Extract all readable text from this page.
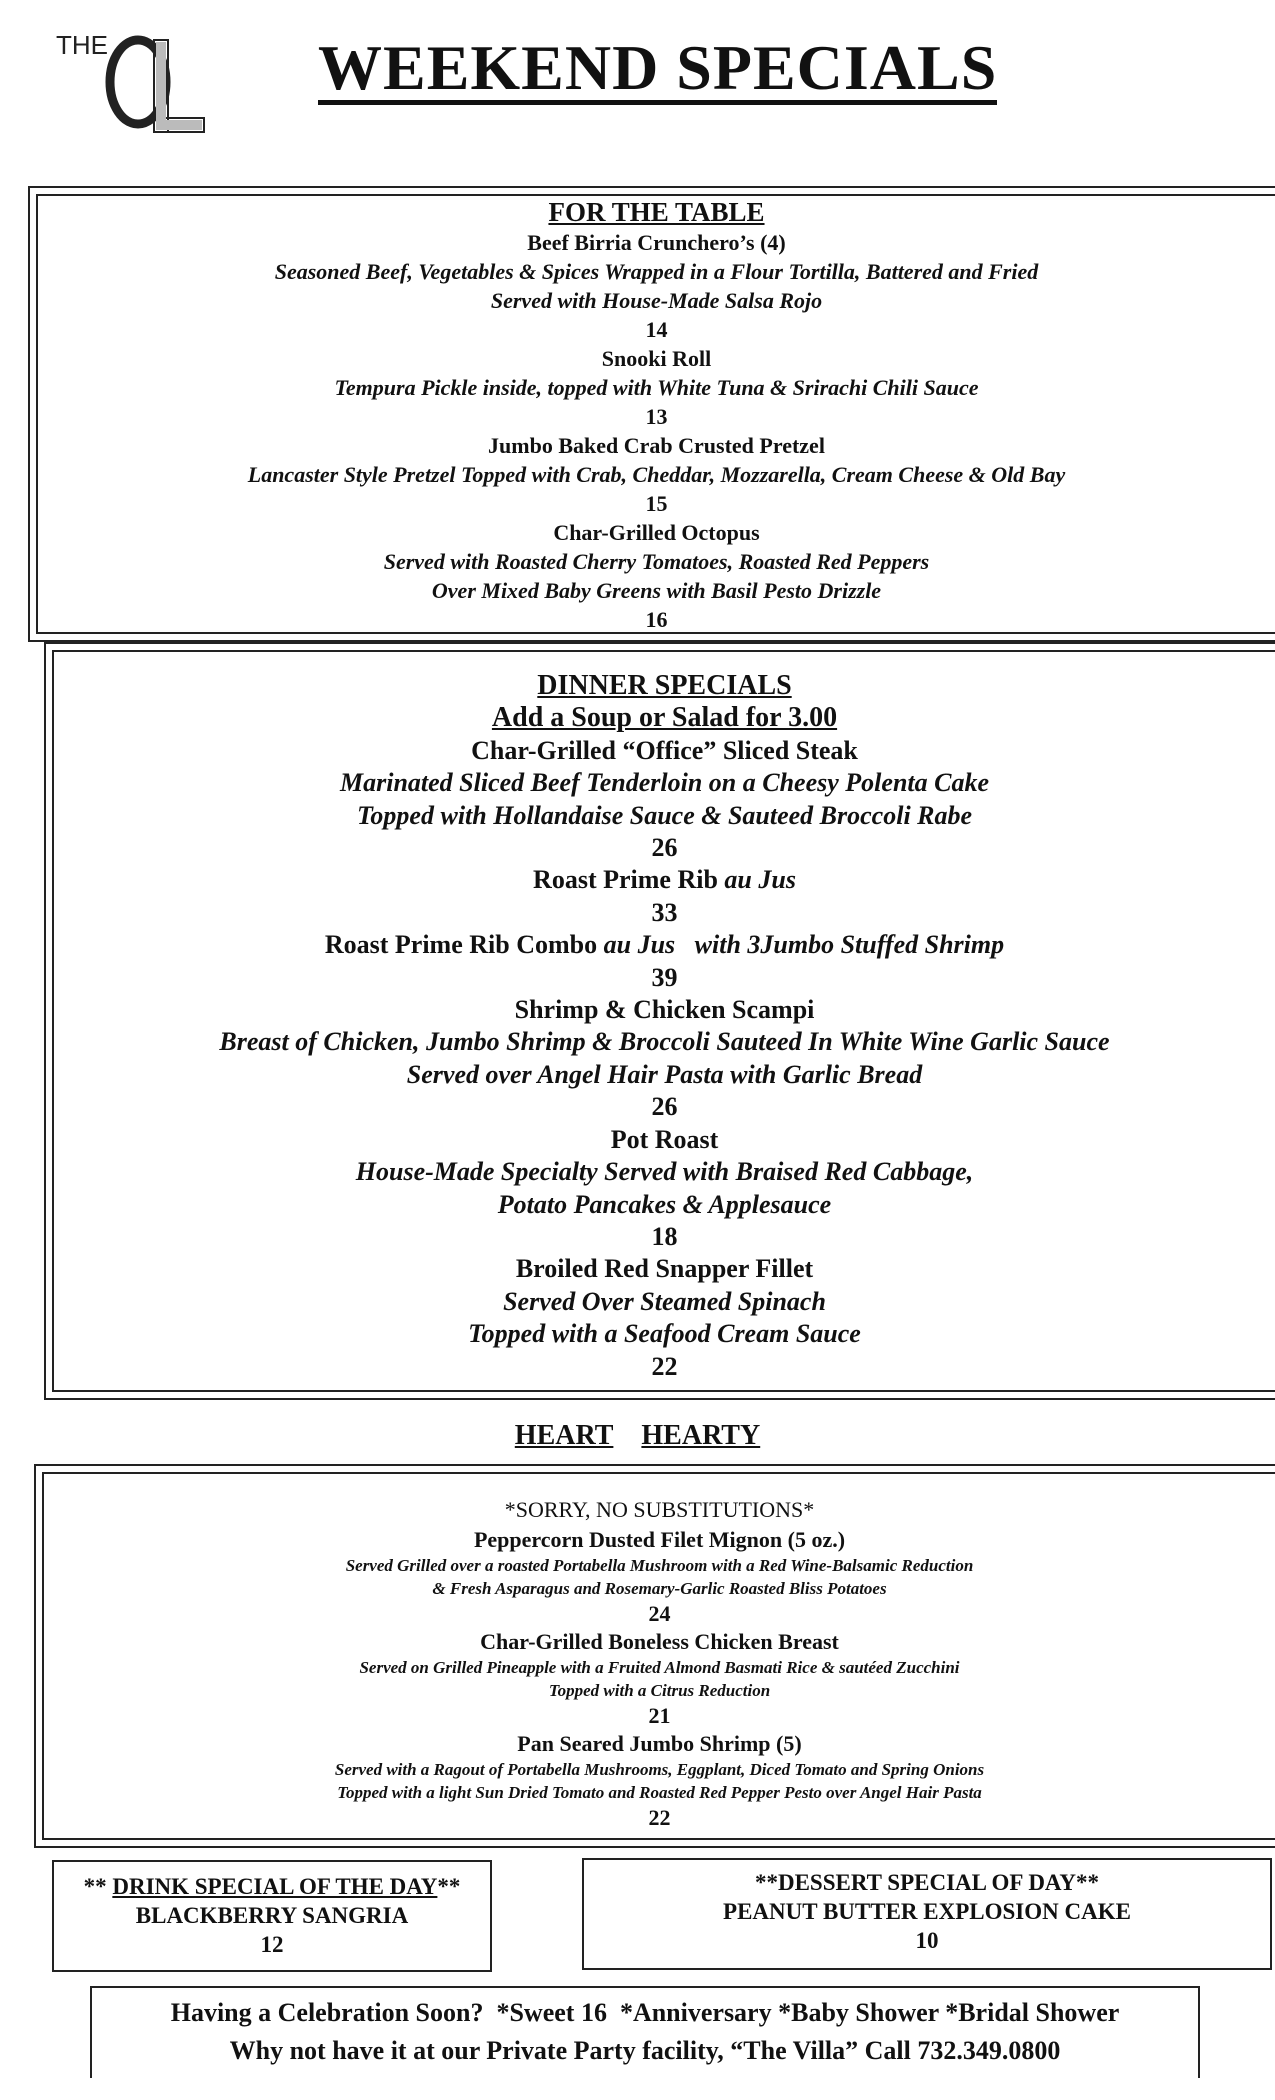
THE	WEEKEND SPECIALS
FOR THE TABLE
Beef Birria Crunchero’s (4)
Seasoned Beef, Vegetables & Spices Wrapped in a Flour Tortilla, Battered and Fried
Served with House-Made Salsa Rojo
14
Snooki Roll
Tempura Pickle inside, topped with White Tuna & Srirachi Chili Sauce
13
Jumbo Baked Crab Crusted Pretzel
Lancaster Style Pretzel Topped with Crab, Cheddar, Mozzarella, Cream Cheese & Old Bay
15
Char-Grilled Octopus
Served with Roasted Cherry Tomatoes, Roasted Red Peppers
Over Mixed Baby Greens with Basil Pesto Drizzle
16
DINNER SPECIALS
Add a Soup or Salad for 3.00
Char-Grilled “Office” Sliced Steak
Marinated Sliced Beef Tenderloin on a Cheesy Polenta Cake
Topped with Hollandaise Sauce & Sauteed Broccoli Rabe
26
Roast Prime Rib au Jus
33
Roast Prime Rib Combo au Jus   with 3Jumbo Stuffed Shrimp
39
Shrimp & Chicken Scampi
Breast of Chicken, Jumbo Shrimp & Broccoli Sauteed In White Wine Garlic Sauce
Served over Angel Hair Pasta with Garlic Bread
26
Pot Roast
House-Made Specialty Served with Braised Red Cabbage,
Potato Pancakes & Applesauce
18
Broiled Red Snapper Fillet
Served Over Steamed Spinach
Topped with a Seafood Cream Sauce
22
HEART HEARTY
*SORRY, NO SUBSTITUTIONS*
Peppercorn Dusted Filet Mignon (5 oz.)
Served Grilled over a roasted Portabella Mushroom with a Red Wine-Balsamic Reduction
& Fresh Asparagus and Rosemary-Garlic Roasted Bliss Potatoes
24
Char-Grilled Boneless Chicken Breast
Served on Grilled Pineapple with a Fruited Almond Basmati Rice & sautéed Zucchini
Topped with a Citrus Reduction
21
Pan Seared Jumbo Shrimp (5)
Served with a Ragout of Portabella Mushrooms, Eggplant, Diced Tomato and Spring Onions
Topped with a light Sun Dried Tomato and Roasted Red Pepper Pesto over Angel Hair Pasta
22
** DRINK SPECIAL OF THE DAY**
BLACKBERRY SANGRIA
12
**DESSERT SPECIAL OF DAY**
PEANUT BUTTER EXPLOSION CAKE
10
Having a Celebration Soon?  *Sweet 16  *Anniversary *Baby Shower *Bridal Shower
Why not have it at our Private Party facility, “The Villa” Call 732.349.0800
